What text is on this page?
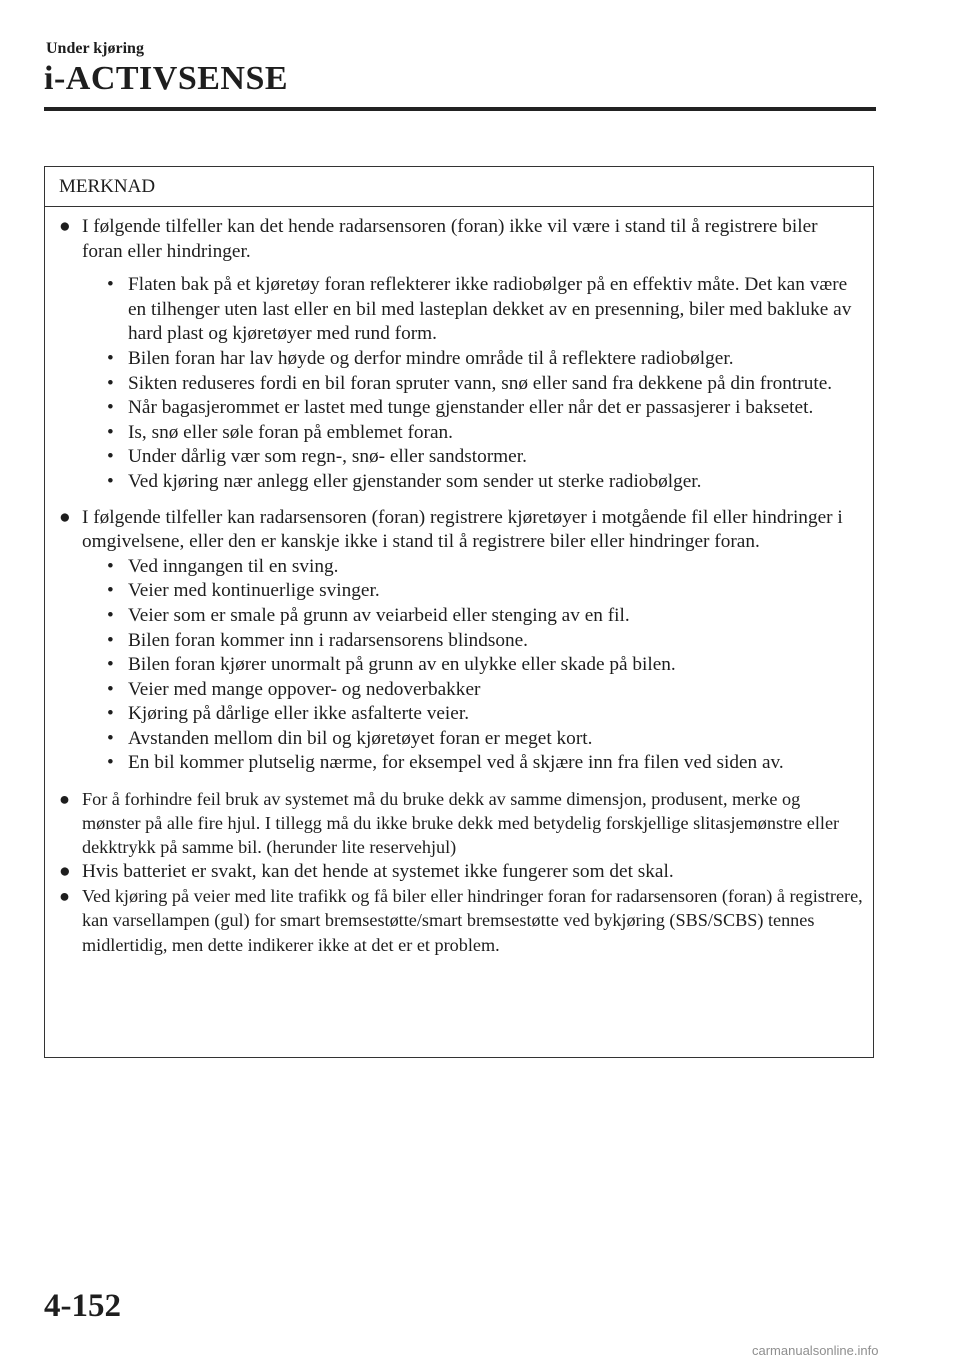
Under kjøring
i-ACTIVSENSE
MERKNAD
● I følgende tilfeller kan det hende radarsensoren (foran) ikke vil være i stand til å registrere biler foran eller hindringer.
• Flaten bak på et kjøretøy foran reflekterer ikke radiobølger på en effektiv måte. Det kan være en tilhenger uten last eller en bil med lasteplan dekket av en presenning, biler med bakluke av hard plast og kjøretøyer med rund form.
• Bilen foran har lav høyde og derfor mindre område til å reflektere radiobølger.
• Sikten reduseres fordi en bil foran spruter vann, snø eller sand fra dekkene på din frontrute.
• Når bagasjerommet er lastet med tunge gjenstander eller når det er passasjerer i baksetet.
• Is, snø eller søle foran på emblemet foran.
• Under dårlig vær som regn-, snø- eller sandstormer.
• Ved kjøring nær anlegg eller gjenstander som sender ut sterke radiobølger.
● I følgende tilfeller kan radarsensoren (foran) registrere kjøretøyer i motgående fil eller hindringer i omgivelsene, eller den er kanskje ikke i stand til å registrere biler eller hindringer foran.
• Ved inngangen til en sving.
• Veier med kontinuerlige svinger.
• Veier som er smale på grunn av veiarbeid eller stenging av en fil.
• Bilen foran kommer inn i radarsensorens blindsone.
• Bilen foran kjører unormalt på grunn av en ulykke eller skade på bilen.
• Veier med mange oppover- og nedoverbakker
• Kjøring på dårlige eller ikke asfalterte veier.
• Avstanden mellom din bil og kjøretøyet foran er meget kort.
• En bil kommer plutselig nærme, for eksempel ved å skjære inn fra filen ved siden av.
● For å forhindre feil bruk av systemet må du bruke dekk av samme dimensjon, produsent, merke og mønster på alle fire hjul. I tillegg må du ikke bruke dekk med betydelig forskjellige slitasjemønstre eller dekktrykk på samme bil. (herunder lite reservehjul)
● Hvis batteriet er svakt, kan det hende at systemet ikke fungerer som det skal.
● Ved kjøring på veier med lite trafikk og få biler eller hindringer foran for radarsensoren (foran) å registrere, kan varsellampen (gul) for smart bremsestøtte/smart bremsestøtte ved bykjøring (SBS/SCBS) tennes midlertidig, men dette indikerer ikke at det er et problem.
4-152
carmanualsonline.info
